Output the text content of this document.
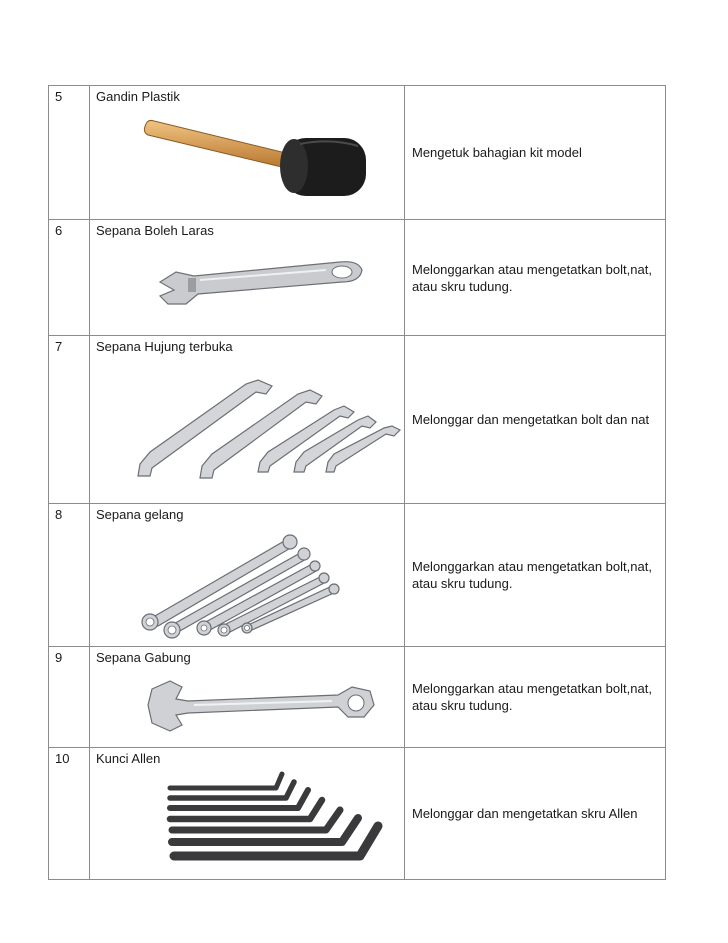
5	Gandin Plastik	Mengetuk bahagian kit model
6	Sepana Boleh Laras	Melonggarkan atau mengetatkan bolt,nat, atau skru tudung.
7	Sepana Hujung terbuka	Melonggar dan mengetatkan bolt dan nat
8	Sepana gelang	Melonggarkan atau mengetatkan bolt,nat, atau skru tudung.
9	Sepana Gabung	Melonggarkan atau mengetatkan bolt,nat, atau skru tudung.
10	Kunci Allen	Melonggar dan mengetatkan skru Allen
